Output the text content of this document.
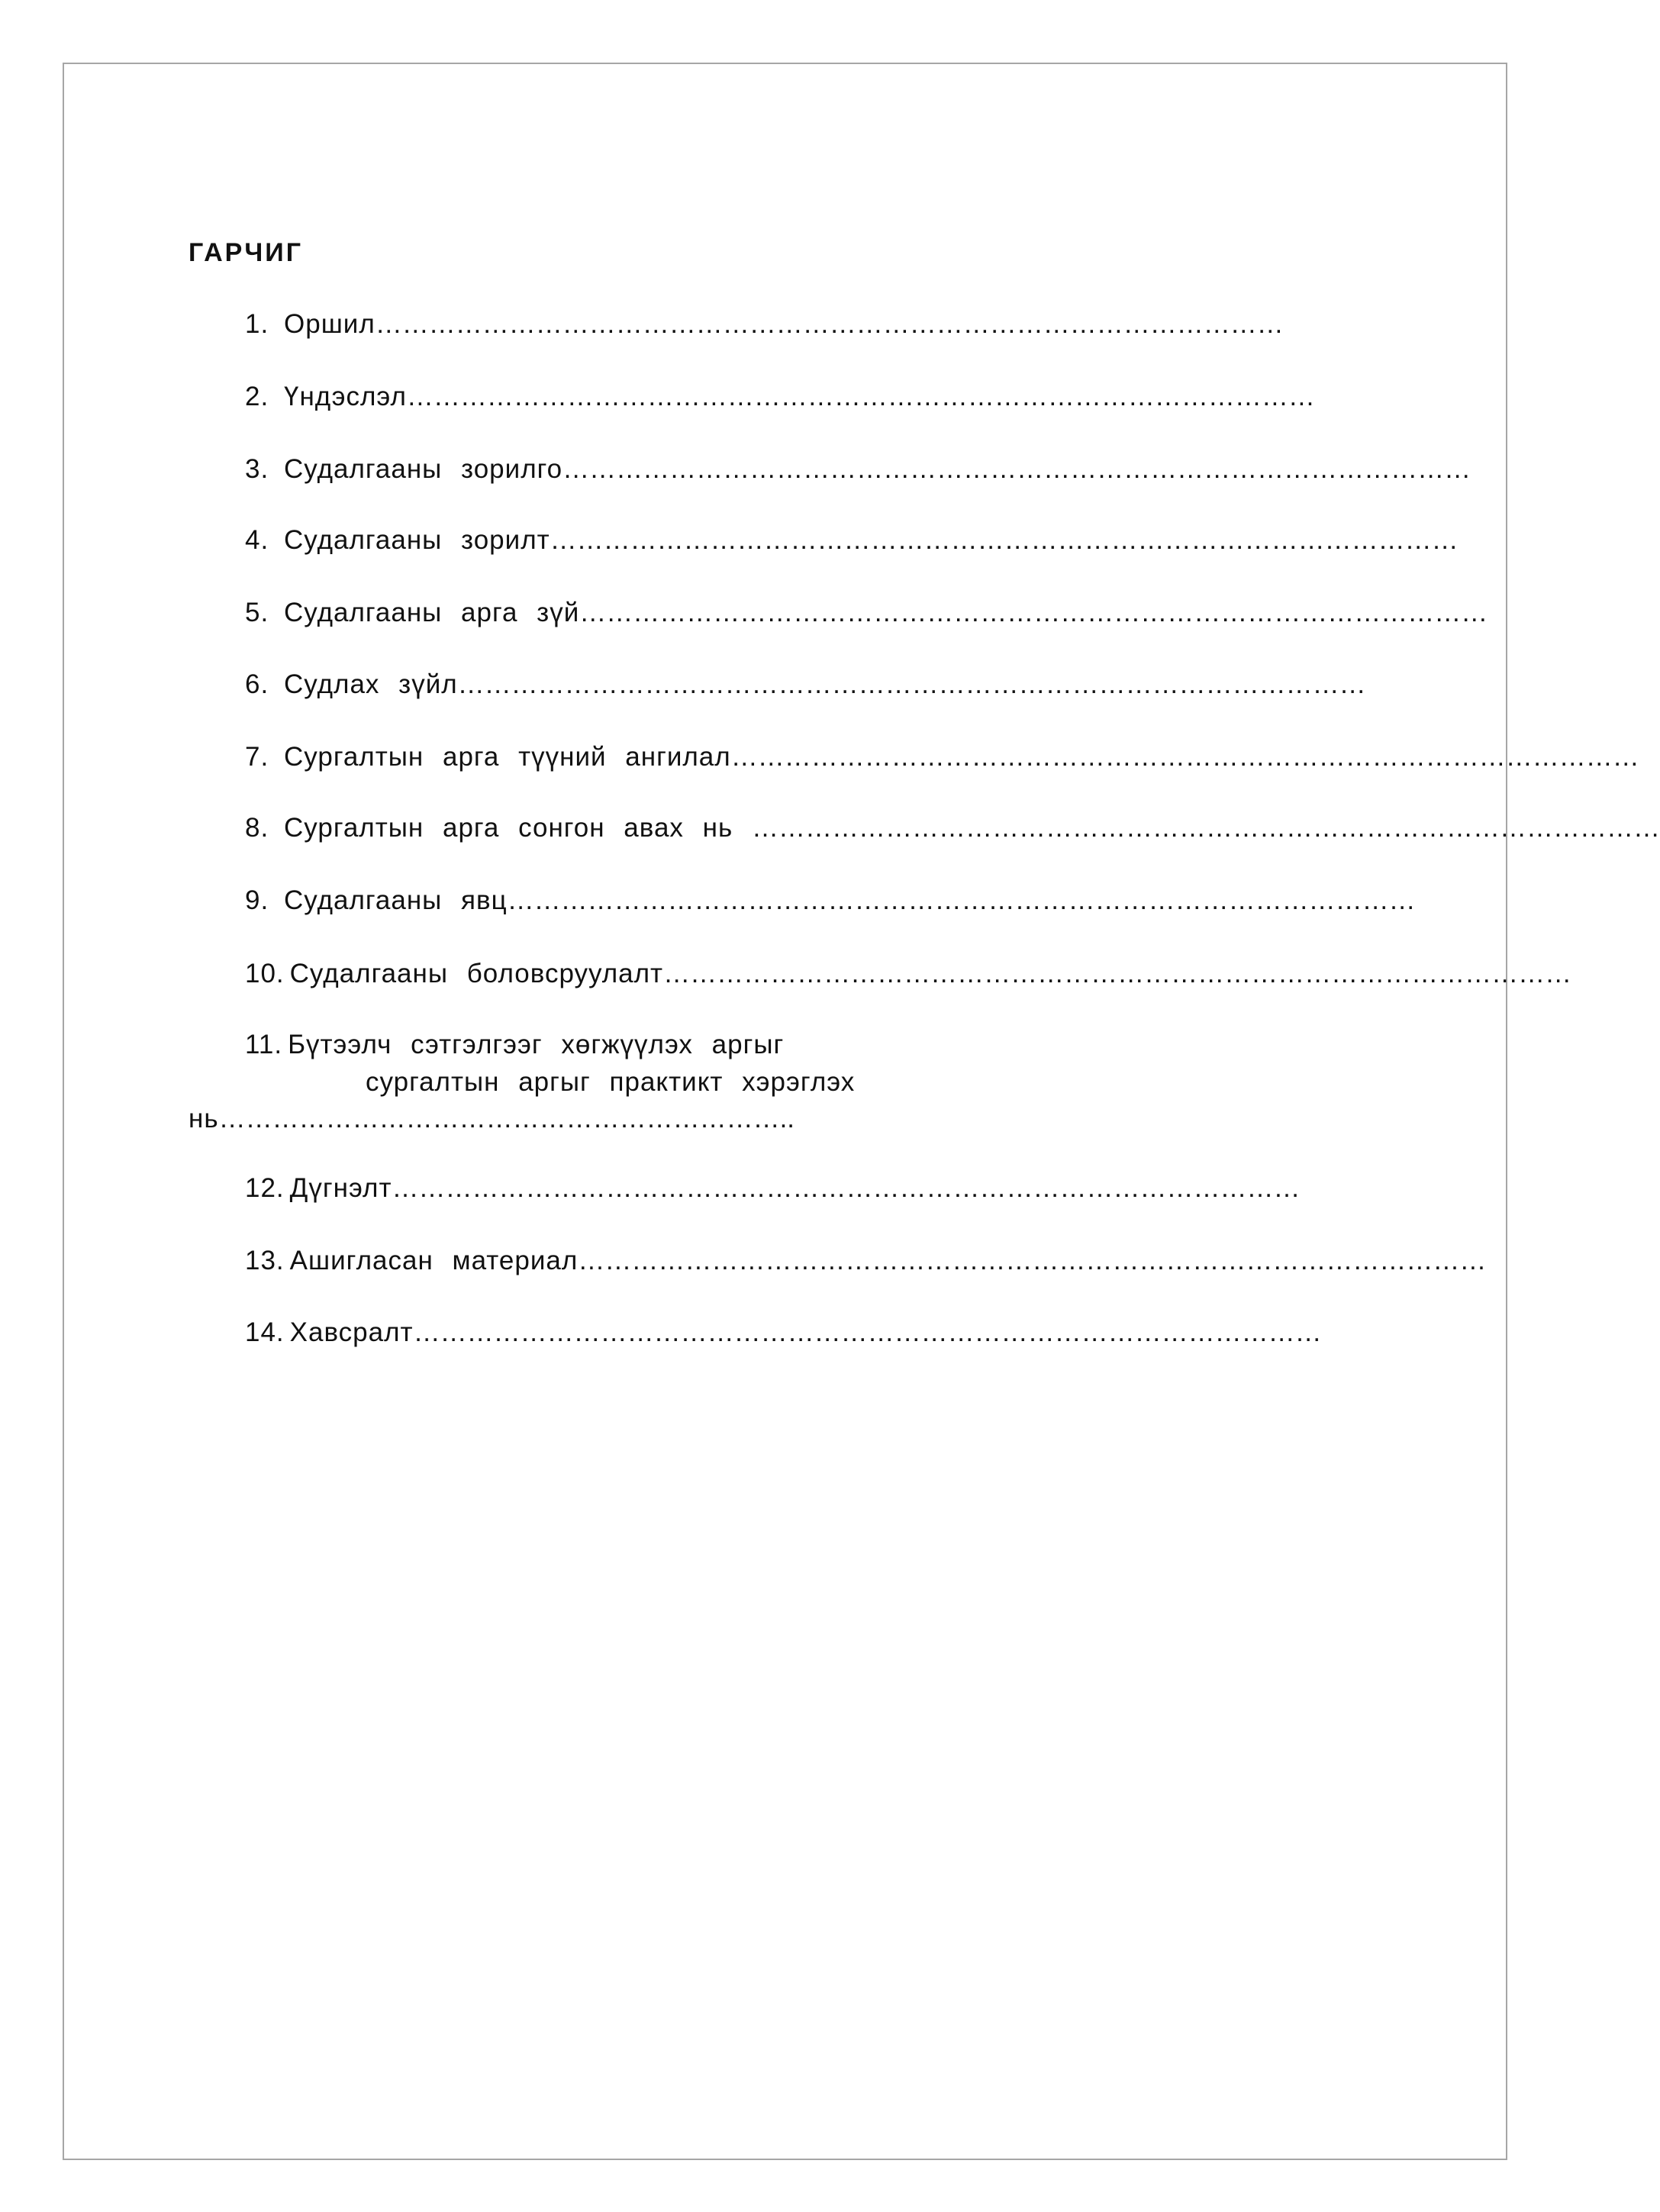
ГАРЧИГ
1. Оршил…………………………………………………………………………………………
2. Үндэслэл…………………………………………………………………………………………
3. Судалгааны зорилго…………………………………………………………………………………………
4. Судалгааны зорилт…………………………………………………………………………………………
5. Судалгааны арга зүй…………………………………………………………………………………………
6. Судлах зүйл…………………………………………………………………………………………
7. Сургалтын арга түүний ангилал…………………………………………………………………………………………
8. Сургалтын арга сонгон авах нь …………………………………………………………………………………………
9. Судалгааны явц…………………………………………………………………………………………
10. Судалгааны боловсруулалт…………………………………………………………………………………………
11. Бүтээлч сэтгэлгээг хөгжүүлэх аргыг
сургалтын аргыг практикт хэрэглэх
нь………………………………………………………..
12. Дүгнэлт…………………………………………………………………………………………
13. Ашигласан материал…………………………………………………………………………………………
14. Хавсралт…………………………………………………………………………………………
